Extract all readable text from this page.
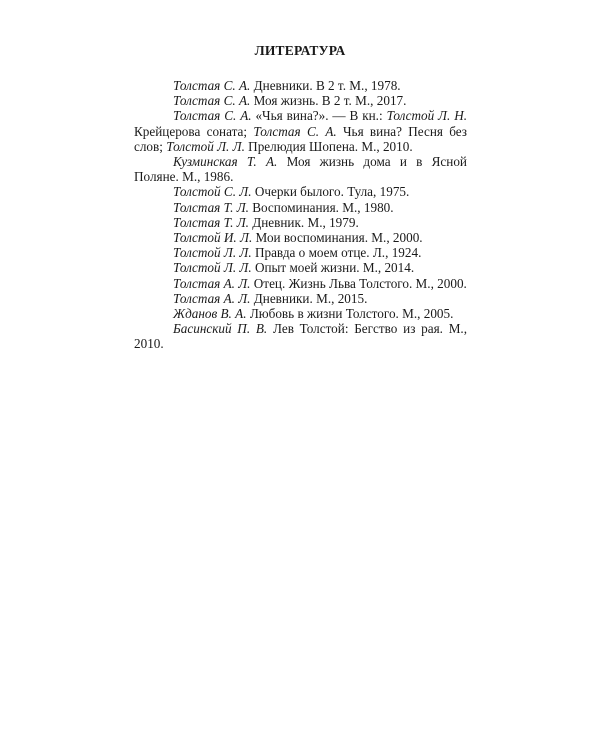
ЛИТЕРАТУРА

Толстая С. А. Дневники. В 2 т. М., 1978.

Толстая С. А. Моя жизнь. В 2 т. М., 2017.

Толстая С. А. «Чья вина?». — В кн.: Толстой Л. Н. Крейцерова соната; Толстая С. А. Чья вина? Песня без слов; Толстой Л. Л. Прелюдия Шопена. М., 2010.

Кузминская Т. А. Моя жизнь дома и в Ясной Поляне. М., 1986.

Толстой С. Л. Очерки былого. Тула, 1975.

Толстая Т. Л. Воспоминания. М., 1980.

Толстая Т. Л. Дневник. М., 1979.

Толстой И. Л. Мои воспоминания. М., 2000.

Толстой Л. Л. Правда о моем отце. Л., 1924.

Толстой Л. Л. Опыт моей жизни. М., 2014.

Толстая А. Л. Отец. Жизнь Льва Толстого. М., 2000.

Толстая А. Л. Дневники. М., 2015.

Жданов В. А. Любовь в жизни Толстого. М., 2005.

Басинский П. В. Лев Толстой: Бегство из рая. М., 2010.
